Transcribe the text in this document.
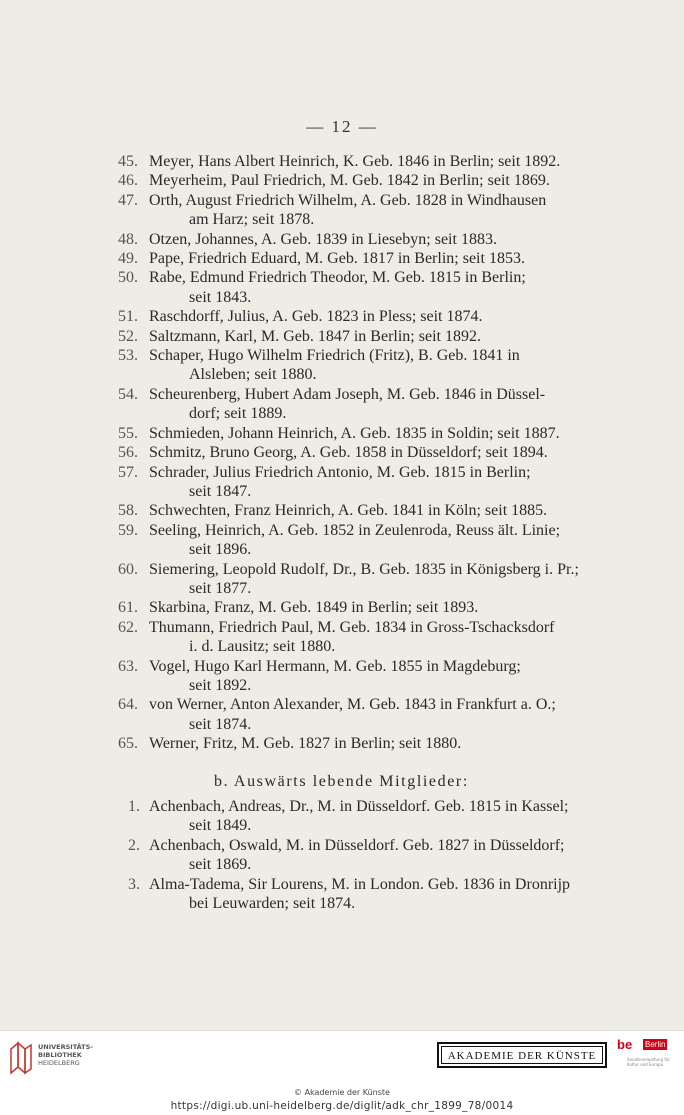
— 12 —
45. Meyer, Hans Albert Heinrich, K. Geb. 1846 in Berlin; seit 1892.
46. Meyerheim, Paul Friedrich, M. Geb. 1842 in Berlin; seit 1869.
47. Orth, August Friedrich Wilhelm, A. Geb. 1828 in Windhausen
am Harz; seit 1878.
48. Otzen, Johannes, A. Geb. 1839 in Liesebyn; seit 1883.
49. Pape, Friedrich Eduard, M. Geb. 1817 in Berlin; seit 1853.
50. Rabe, Edmund Friedrich Theodor, M. Geb. 1815 in Berlin;
seit 1843.
51. Raschdorff, Julius, A. Geb. 1823 in Pless; seit 1874.
52. Saltzmann, Karl, M. Geb. 1847 in Berlin; seit 1892.
53. Schaper, Hugo Wilhelm Friedrich (Fritz), B. Geb. 1841 in
Alsleben; seit 1880.
54. Scheurenberg, Hubert Adam Joseph, M. Geb. 1846 in Düssel-
dorf; seit 1889.
55. Schmieden, Johann Heinrich, A. Geb. 1835 in Soldin; seit 1887.
56. Schmitz, Bruno Georg, A. Geb. 1858 in Düsseldorf; seit 1894.
57. Schrader, Julius Friedrich Antonio, M. Geb. 1815 in Berlin;
seit 1847.
58. Schwechten, Franz Heinrich, A. Geb. 1841 in Köln; seit 1885.
59. Seeling, Heinrich, A. Geb. 1852 in Zeulenroda, Reuss ält. Linie;
seit 1896.
60. Siemering, Leopold Rudolf, Dr., B. Geb. 1835 in Königsberg i. Pr.;
seit 1877.
61. Skarbina, Franz, M. Geb. 1849 in Berlin; seit 1893.
62. Thumann, Friedrich Paul, M. Geb. 1834 in Gross-Tschacksdorf
i. d. Lausitz; seit 1880.
63. Vogel, Hugo Karl Hermann, M. Geb. 1855 in Magdeburg;
seit 1892.
64. von Werner, Anton Alexander, M. Geb. 1843 in Frankfurt a. O.;
seit 1874.
65. Werner, Fritz, M. Geb. 1827 in Berlin; seit 1880.
b. Auswärts lebende Mitglieder:
1. Achenbach, Andreas, Dr., M. in Düsseldorf. Geb. 1815 in Kassel;
seit 1849.
2. Achenbach, Oswald, M. in Düsseldorf. Geb. 1827 in Düsseldorf;
seit 1869.
3. Alma-Tadema, Sir Lourens, M. in London. Geb. 1836 in Dronrijp
bei Leuwarden; seit 1874.
UNIVERSITÄTS-
BIBLIOTHEK
HEIDELBERG
AKADEMIE DER KÜNSTE
be Berlin
Senatsverwaltung für Kultur und Europa
© Akademie der Künste
https://digi.ub.uni-heidelberg.de/diglit/adk_chr_1899_78/0014
